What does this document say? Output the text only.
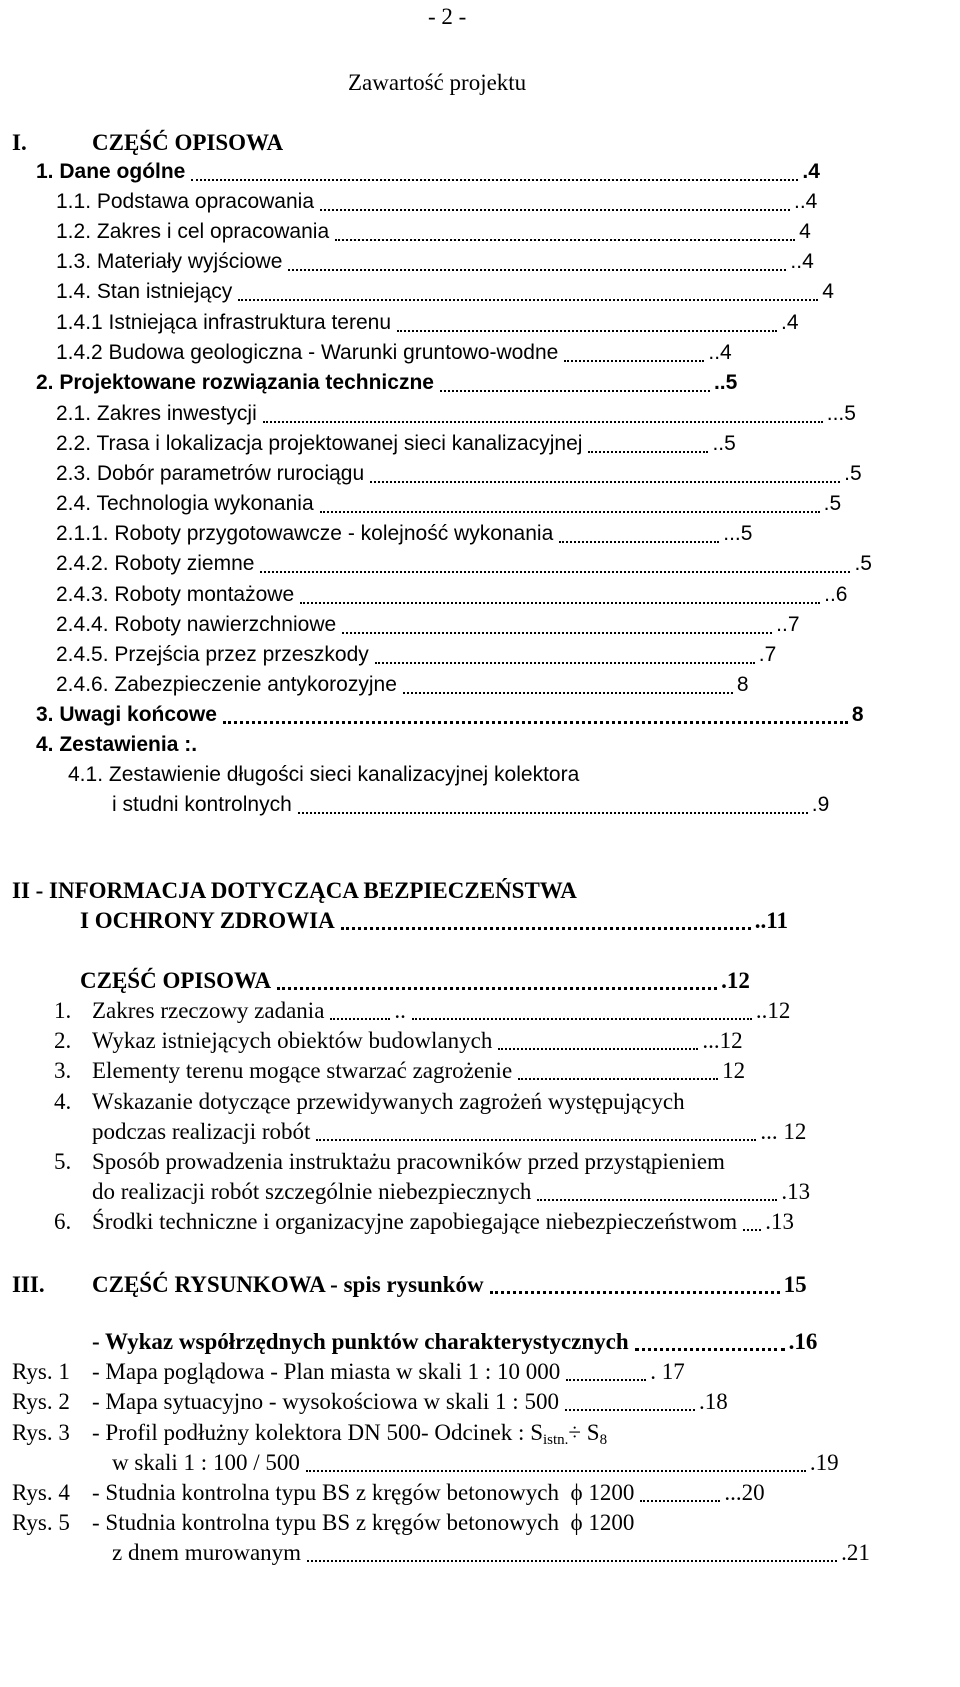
- 2 -
Zawartość projektu
I.	CZĘŚĆ OPISOWA
1. Dane ogólne	.4
1.1. Podstawa opracowania	..4
1.2. Zakres i cel opracowania	4
1.3. Materiały wyjściowe	..4
1.4. Stan istniejący	4
1.4.1 Istniejąca infrastruktura terenu	.4
1.4.2 Budowa geologiczna - Warunki gruntowo-wodne	..4
2. Projektowane rozwiązania techniczne	..5
2.1. Zakres inwestycji	...5
2.2. Trasa i lokalizacja projektowanej sieci kanalizacyjnej	..5
2.3. Dobór parametrów rurociągu	.5
2.4. Technologia wykonania	.5
2.1.1. Roboty przygotowawcze - kolejność wykonania	...5
2.4.2. Roboty ziemne	.5
2.4.3. Roboty montażowe	..6
2.4.4. Roboty nawierzchniowe	..7
2.4.5. Przejścia przez przeszkody	.7
2.4.6. Zabezpieczenie antykorozyjne	8
3. Uwagi końcowe	8
4. Zestawienia :.
4.1. Zestawienie długości sieci kanalizacyjnej kolektora
i studni kontrolnych	.9
II - INFORMACJA DOTYCZĄCA BEZPIECZEŃSTWA
I OCHRONY ZDROWIA	..11
CZĘŚĆ OPISOWA	.12
1. Zakres rzeczowy zadania	..	..12
2. Wykaz istniejących obiektów budowlanych	...12
3. Elementy terenu mogące stwarzać zagrożenie	12
4. Wskazanie dotyczące przewidywanych zagrożeń występujących
podczas realizacji robót	... 12
5. Sposób prowadzenia instruktażu pracowników przed przystąpieniem
do realizacji robót szczególnie niebezpiecznych	.13
6. Środki techniczne i organizacyjne zapobiegające niebezpieczeństwom .13
III. CZĘŚĆ RYSUNKOWA - spis rysunków	15
- Wykaz współrzędnych punktów charakterystycznych	.16
Rys. 1 - Mapa poglądowa - Plan miasta w skali 1 : 10 000	. 17
Rys. 2 - Mapa sytuacyjno - wysokościowa w skali 1 : 500	.18
Rys. 3 - Profil podłużny kolektora DN 500- Odcinek : $S_{istn.}\div S_8$
w skali 1 : 100 / 500	.19
Rys. 4 - Studnia kontrolna typu BS z kręgów betonowych ϕ 1200	...20
Rys. 5 - Studnia kontrolna typu BS z kręgów betonowych ϕ 1200
z dnem murowanym	.21
